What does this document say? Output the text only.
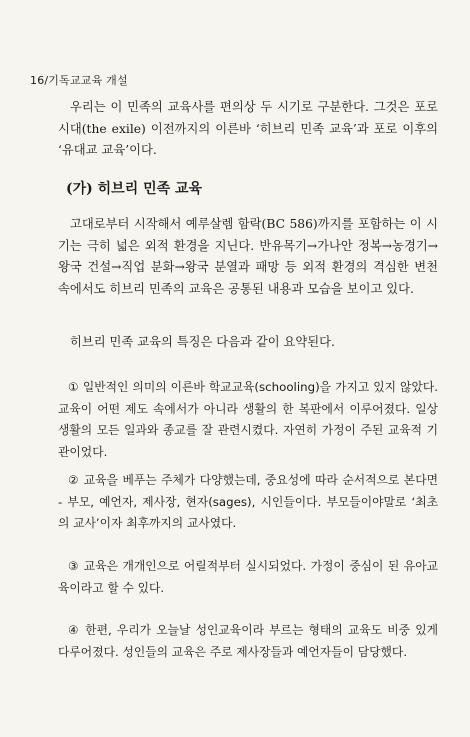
16/기독교교육 개설

우리는 이 민족의 교육사를 편의상 두 시기로 구분한다. 그것은 포로시대(the exile) 이전까지의 이른바 ‘히브리 민족 교육’과 포로 이후의 ‘유대교 교육’이다.

(가) 히브리 민족 교육

고대로부터 시작해서 예루살렘 함락(BC 586)까지를 포함하는 이 시기는 극히 넓은 외적 환경을 지닌다. 반유목기→가나안 정복→농경기→왕국 건설→직업 분화→왕국 분열과 패망 등 외적 환경의 격심한 변천 속에서도 히브리 민족의 교육은 공통된 내용과 모습을 보이고 있다.

히브리 민족 교육의 특징은 다음과 같이 요약된다.

① 일반적인 의미의 이른바 학교교육(schooling)을 가지고 있지 않았다. 교육이 어떤 제도 속에서가 아니라 생활의 한 복판에서 이루어졌다. 일상 생활의 모든 일과와 종교를 잘 관련시켰다. 자연히 가정이 주된 교육적 기관이었다.

② 교육을 베푸는 주체가 다양했는데, 중요성에 따라 순서적으로 본다면 - 부모, 예언자, 제사장, 현자(sages), 시인들이다. 부모들이야말로 ‘최초의 교사’이자 최후까지의 교사였다.

③ 교육은 개개인으로 어릴적부터 실시되었다. 가정이 중심이 된 유아교육이라고 할 수 있다.

④ 한편, 우리가 오늘날 성인교육이라 부르는 형태의 교육도 비중 있게 다루어졌다. 성인들의 교육은 주로 제사장들과 예언자들이 담당했다.
